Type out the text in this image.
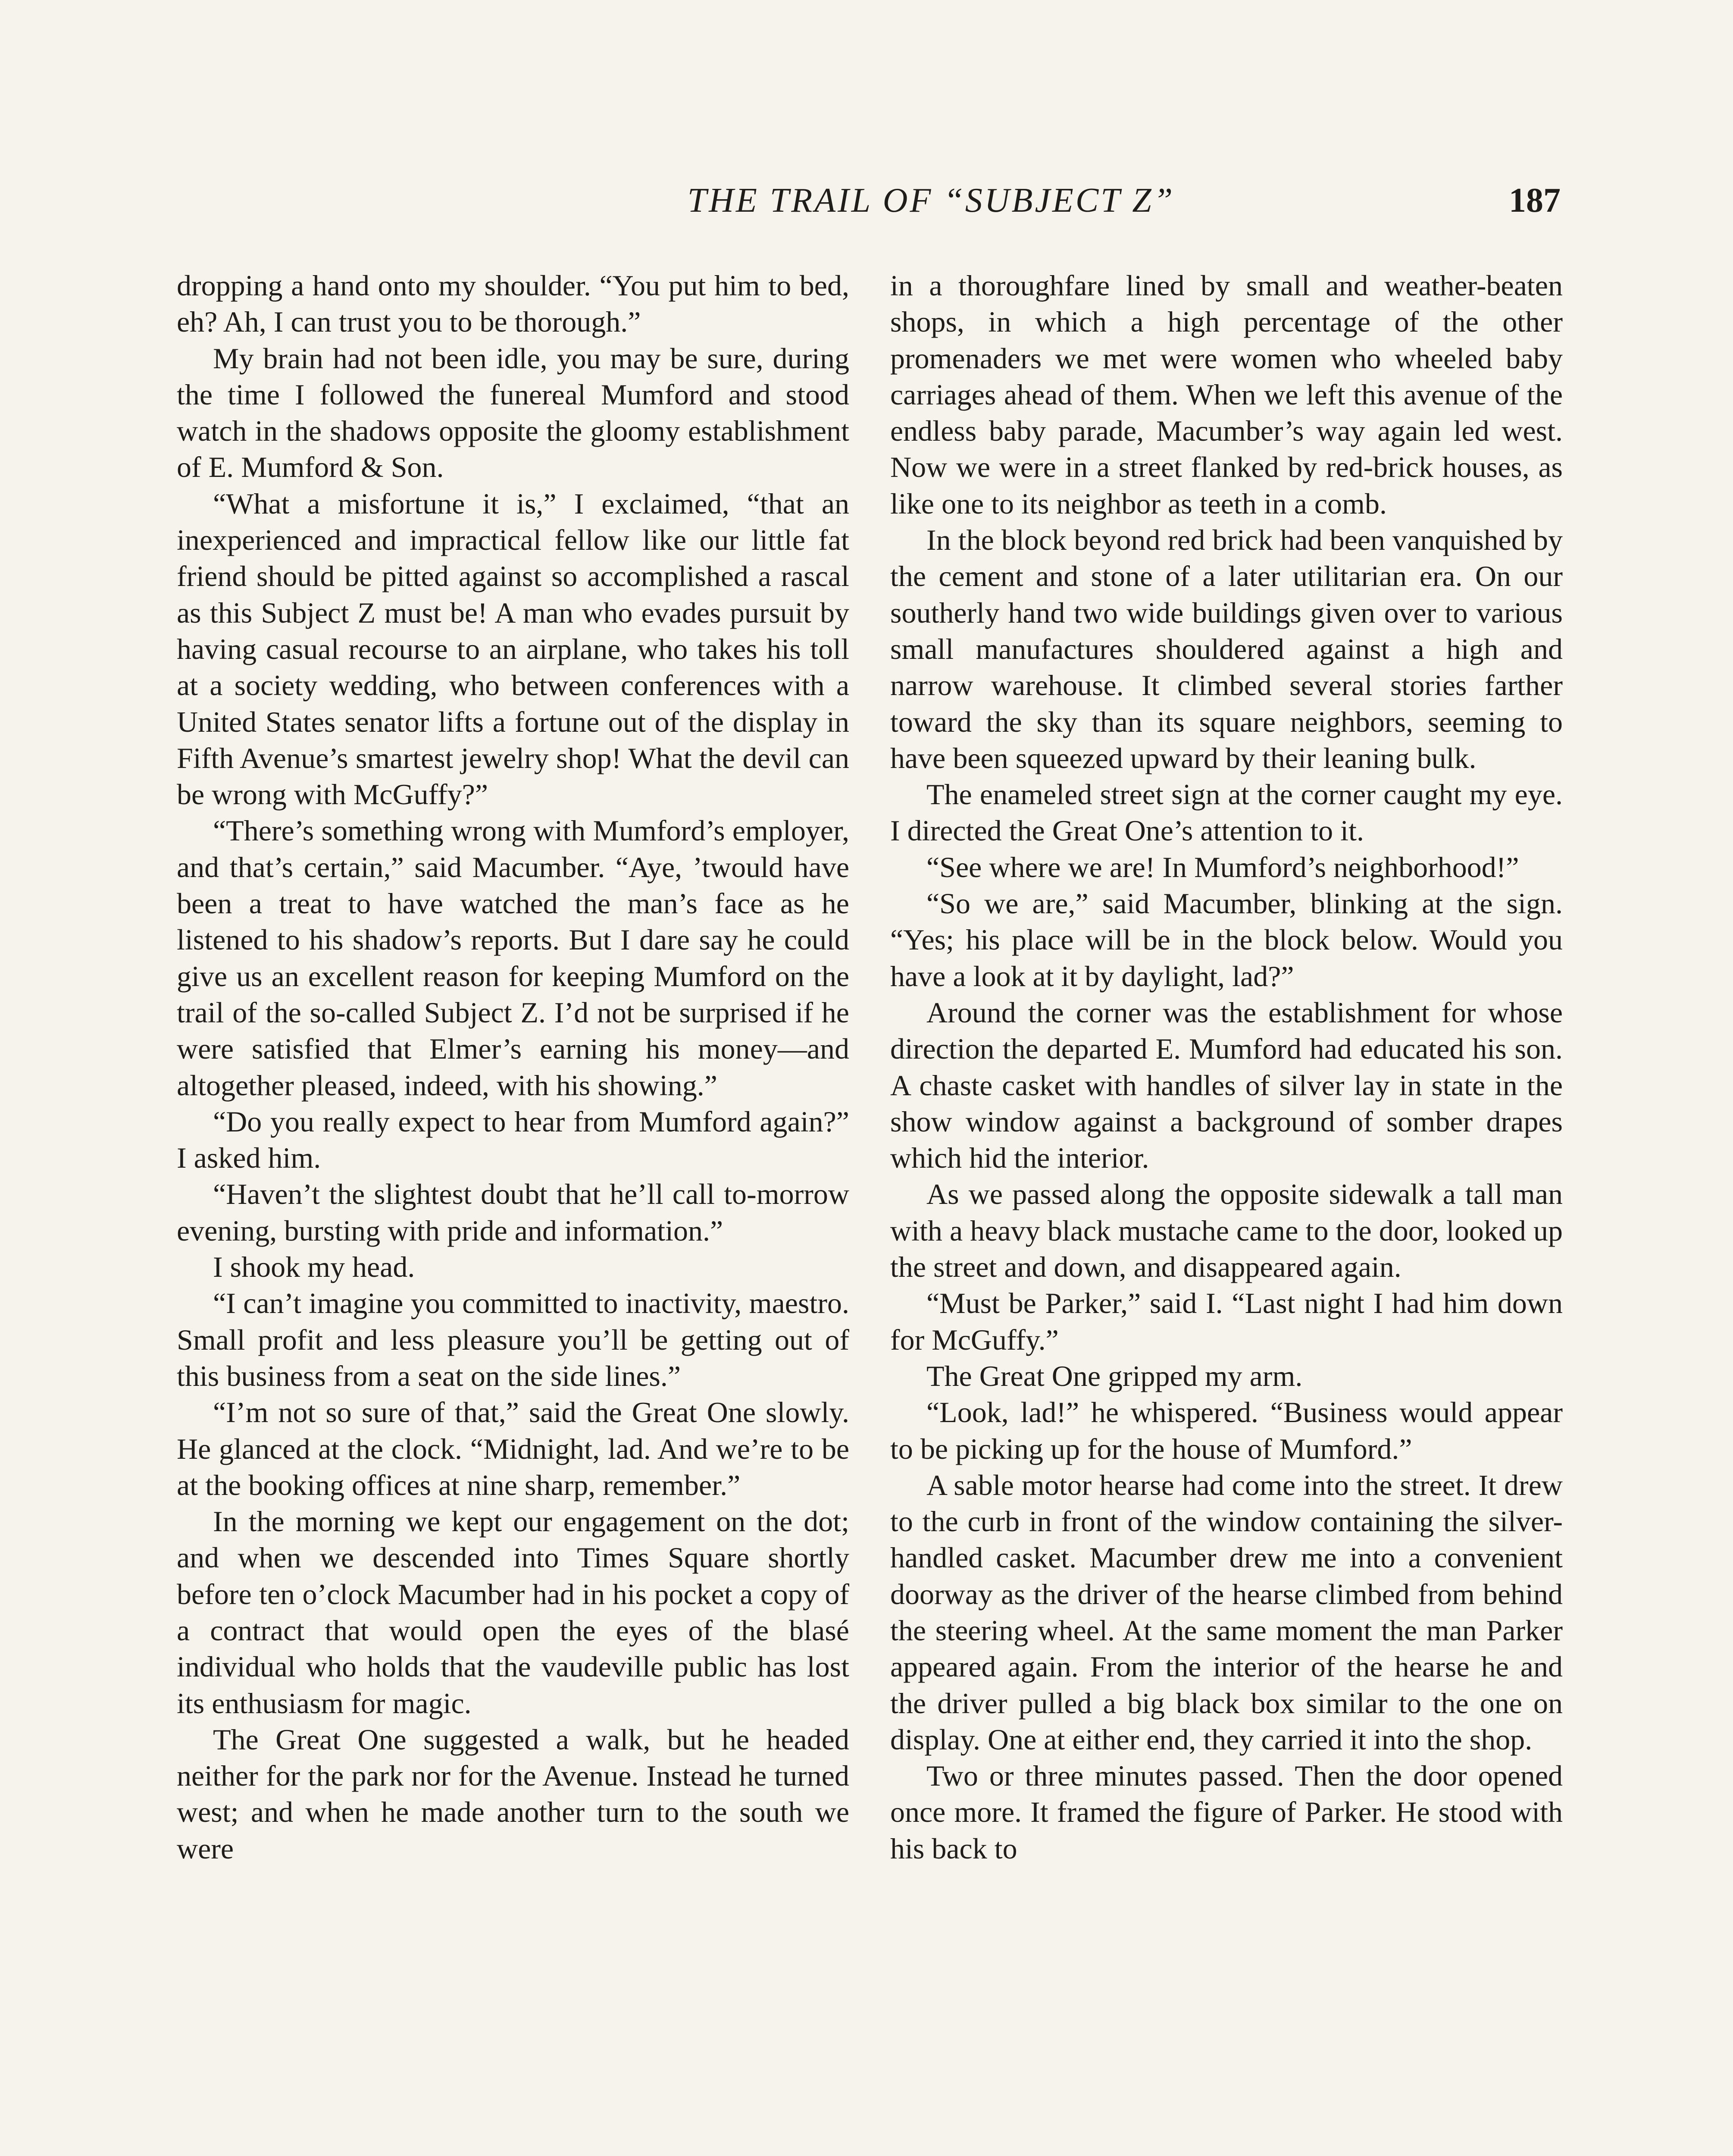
THE TRAIL OF “SUBJECT Z”	187

dropping a hand onto my shoulder. “You put him to bed, eh? Ah, I can trust you to be thorough.”

My brain had not been idle, you may be sure, during the time I followed the funereal Mumford and stood watch in the shadows opposite the gloomy establishment of E. Mumford & Son.

“What a misfortune it is,” I exclaimed, “that an inexperienced and impractical fellow like our little fat friend should be pitted against so accomplished a rascal as this Subject Z must be! A man who evades pursuit by having casual recourse to an airplane, who takes his toll at a society wedding, who between conferences with a United States senator lifts a fortune out of the display in Fifth Avenue’s smartest jewelry shop! What the devil can be wrong with McGuffy?”

“There’s something wrong with Mumford’s employer, and that’s certain,” said Macumber. “Aye, ’twould have been a treat to have watched the man’s face as he listened to his shadow’s reports. But I dare say he could give us an excellent reason for keeping Mumford on the trail of the so-called Subject Z. I’d not be surprised if he were satisfied that Elmer’s earning his money—and altogether pleased, indeed, with his showing.”

“Do you really expect to hear from Mumford again?” I asked him.

“Haven’t the slightest doubt that he’ll call to-morrow evening, bursting with pride and information.”

I shook my head.

“I can’t imagine you committed to inactivity, maestro. Small profit and less pleasure you’ll be getting out of this business from a seat on the side lines.”

“I’m not so sure of that,” said the Great One slowly. He glanced at the clock. “Midnight, lad. And we’re to be at the booking offices at nine sharp, remember.”

In the morning we kept our engagement on the dot; and when we descended into Times Square shortly before ten o’clock Macumber had in his pocket a copy of a contract that would open the eyes of the blasé individual who holds that the vaudeville public has lost its enthusiasm for magic.

The Great One suggested a walk, but he headed neither for the park nor for the Avenue. Instead he turned west; and when he made another turn to the south we were

in a thoroughfare lined by small and weather-beaten shops, in which a high percentage of the other promenaders we met were women who wheeled baby carriages ahead of them. When we left this avenue of the endless baby parade, Macumber’s way again led west. Now we were in a street flanked by red-brick houses, as like one to its neighbor as teeth in a comb.

In the block beyond red brick had been vanquished by the cement and stone of a later utilitarian era. On our southerly hand two wide buildings given over to various small manufactures shouldered against a high and narrow warehouse. It climbed several stories farther toward the sky than its square neighbors, seeming to have been squeezed upward by their leaning bulk.

The enameled street sign at the corner caught my eye. I directed the Great One’s attention to it.

“See where we are! In Mumford’s neighborhood!”

“So we are,” said Macumber, blinking at the sign. “Yes; his place will be in the block below. Would you have a look at it by daylight, lad?”

Around the corner was the establishment for whose direction the departed E. Mumford had educated his son. A chaste casket with handles of silver lay in state in the show window against a background of somber drapes which hid the interior.

As we passed along the opposite sidewalk a tall man with a heavy black mustache came to the door, looked up the street and down, and disappeared again.

“Must be Parker,” said I. “Last night I had him down for McGuffy.”

The Great One gripped my arm.

“Look, lad!” he whispered. “Business would appear to be picking up for the house of Mumford.”

A sable motor hearse had come into the street. It drew to the curb in front of the window containing the silver-handled casket. Macumber drew me into a convenient doorway as the driver of the hearse climbed from behind the steering wheel. At the same moment the man Parker appeared again. From the interior of the hearse he and the driver pulled a big black box similar to the one on display. One at either end, they carried it into the shop.

Two or three minutes passed. Then the door opened once more. It framed the figure of Parker. He stood with his back to
